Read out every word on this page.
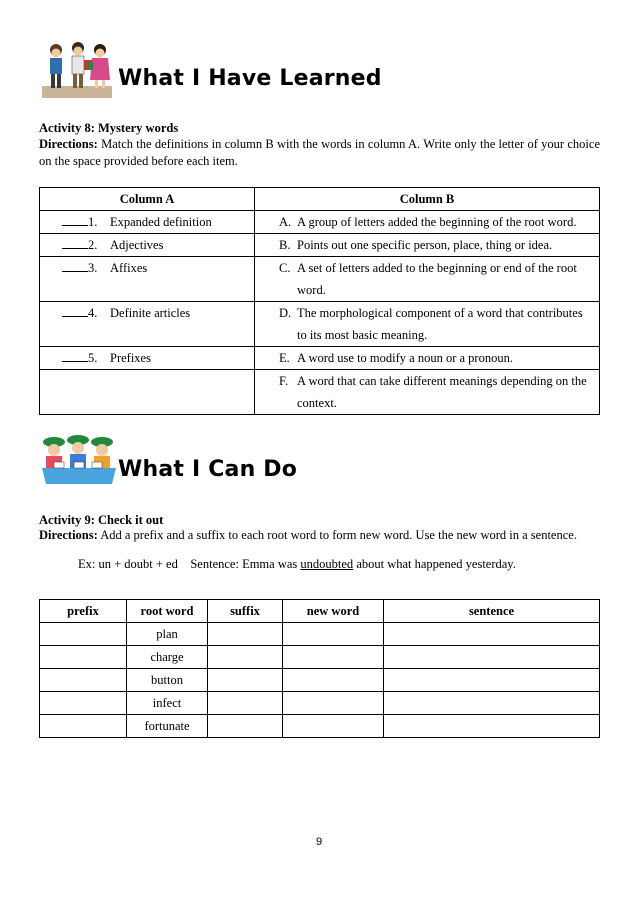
What I Have Learned
Activity 8: Mystery words
Directions: Match the definitions in column B with the words in column A. Write only the letter of your choice on the space provided before each item.
Column A	Column B
1. Expanded definition	A. A group of letters added the beginning of the root word.

2. Adjectives	B. Points out one specific person, place, thing or idea.

3. Affixes	C. A set of letters added to the beginning or end of the root word.

4. Definite articles	D. The morphological component of a word that contributes to its most basic meaning.

5. Prefixes	E. A word use to modify a noun or a pronoun.

	F. A word that can take different meanings depending on the context.
What I Can Do
Activity 9: Check it out
Directions: Add a prefix and a suffix to each root word to form new word. Use the new word in a sentence.
Ex: un + doubt + ed Sentence: Emma was undoubted about what happened yesterday.
prefix	root word	suffix	new word	sentence
	plan			
	charge			
	button			
	infect			
	fortunate			
9
